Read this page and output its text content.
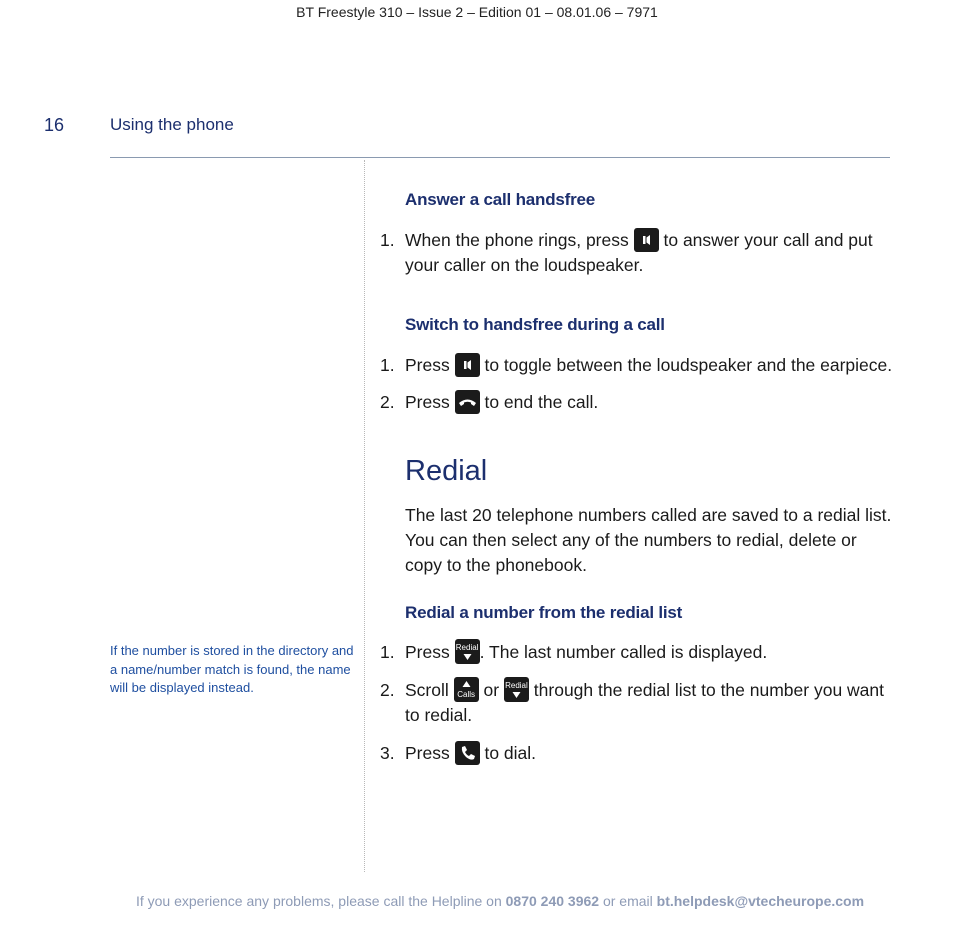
BT Freestyle 310 – Issue 2 – Edition 01 – 08.01.06 – 7971
16	Using the phone
If the number is stored in the directory and a name/number match is found, the name will be displayed instead.
Answer a call handsfree
1. When the phone rings, press
to answer your call and put your caller on the loudspeaker.
Switch to handsfree during a call
1. Press
to toggle between the loudspeaker and the earpiece.
2. Press
to end the call.
Redial
The last 20 telephone numbers called are saved to a redial list. You can then select any of the numbers to redial, delete or copy to the phonebook.
Redial a number from the redial list
1. Press Redial . The last number called is displayed.
2. Scroll	Calls or Redial through the redial list to the number you want to redial.
3. Press
to dial.
If you experience any problems, please call the Helpline on 0870 240 3962 or email bt.helpdesk@vtecheurope.com
